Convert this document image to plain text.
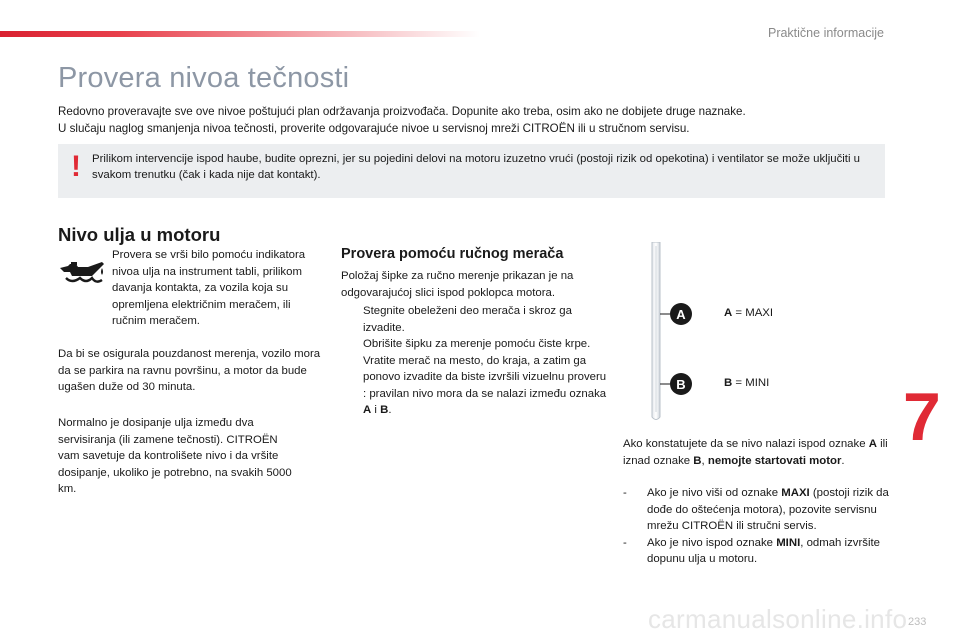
Praktične informacije
Provera nivoa tečnosti
Redovno proveravajte sve ove nivoe poštujući plan održavanja proizvođača. Dopunite ako treba, osim ako ne dobijete druge naznake.
U slučaju naglog smanjenja nivoa tečnosti, proverite odgovarajuće nivoe u servisnoj mreži CITROËN ili u stručnom servisu.
! Prilikom intervencije ispod haube, budite oprezni, jer su pojedini delovi na motoru izuzetno vrući (postoji rizik od opekotina) i ventilator se može uključiti u svakom trenutku (čak i kada nije dat kontakt).
Nivo ulja u motoru
Provera se vrši bilo pomoću indikatora nivoa ulja na instrument tabli, prilikom davanja kontakta, za vozila koja su opremljena električnim meračem, ili ručnim meračem.
Da bi se osigurala pouzdanost merenja, vozilo mora da se parkira na ravnu površinu, a motor da bude ugašen duže od 30 minuta.
Normalno je dosipanje ulja između dva servisiranja (ili zamene tečnosti). CITROËN vam savetuje da kontrolišete nivo i da vršite dosipanje, ukoliko je potrebno, na svakih 5000 km.
Provera pomoću ručnog merača
Položaj šipke za ručno merenje prikazan je na odgovarajućoj slici ispod poklopca motora.
Stegnite obeleženi deo merača i skroz ga izvadite.
Obrišite šipku za merenje pomoću čiste krpe.
Vratite merač na mesto, do kraja, a zatim ga ponovo izvadite da biste izvršili vizuelnu proveru : pravilan nivo mora da se nalazi između oznaka A i B.
A
B
A = MAXI
B = MINI
Ako konstatujete da se nivo nalazi ispod oznake A ili iznad oznake B, nemojte startovati motor.
- Ako je nivo viši od oznake MAXI (postoji rizik da dođe do oštećenja motora), pozovite servisnu mrežu CITROËN ili stručni servis.
- Ako je nivo ispod oznake MINI, odmah izvršite dopunu ulja u motoru.
7
carmanualsonline.info 233
